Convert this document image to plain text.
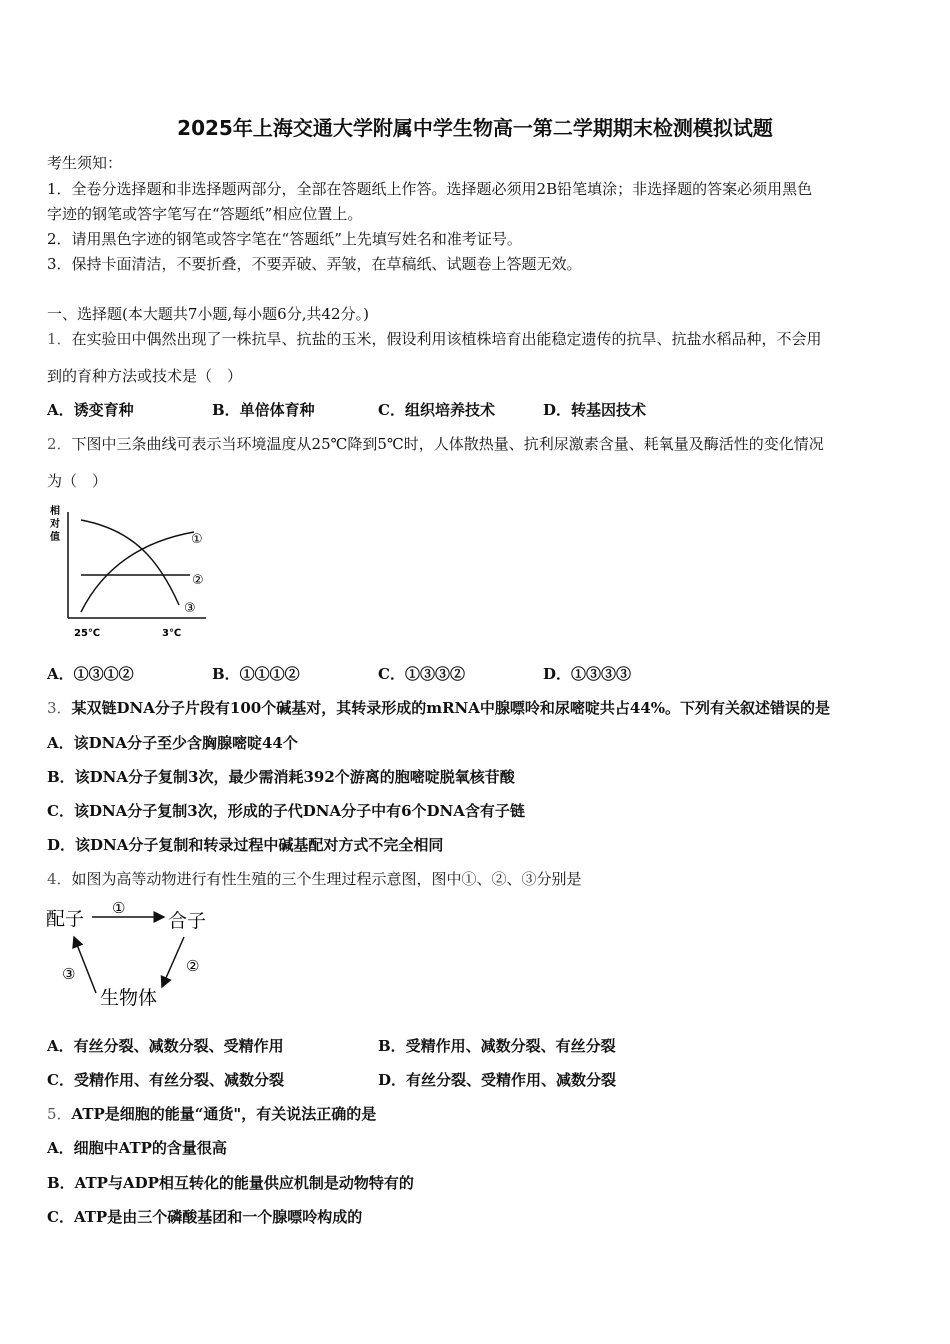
2025年上海交通大学附属中学生物高一第二学期期末检测模拟试题
考生须知：
1．全卷分选择题和非选择题两部分，全部在答题纸上作答。选择题必须用2B铅笔填涂；非选择题的答案必须用黑色
字迹的钢笔或答字笔写在“答题纸”相应位置上。
2．请用黑色字迹的钢笔或答字笔在“答题纸”上先填写姓名和准考证号。
3．保持卡面清洁，不要折叠，不要弄破、弄皱，在草稿纸、试题卷上答题无效。
一、选择题(本大题共7小题,每小题6分,共42分。)
1．在实验田中偶然出现了一株抗旱、抗盐的玉米，假设利用该植株培育出能稳定遗传的抗旱、抗盐水稻品种，不会用
到的育种方法或技术是（　）
A．诱变育种	B．单倍体育种	C．组织培养技术	D．转基因技术
2．下图中三条曲线可表示当环境温度从25℃降到5℃时，人体散热量、抗利尿激素含量、耗氧量及酶活性的变化情况
为（　）
相
对
值	①
②
③
25℃	3℃
A．①③①②	B．①①①②	C．①③③②	D．①③③③
3．某双链DNA分子片段有100个碱基对，其转录形成的mRNA中腺嘌呤和尿嘧啶共占44%。下列有关叙述错误的是
A．该DNA分子至少含胸腺嘧啶44个
B．该DNA分子复制3次，最少需消耗392个游离的胞嘧啶脱氧核苷酸
C．该DNA分子复制3次，形成的子代DNA分子中有6个DNA含有子链
D．该DNA分子复制和转录过程中碱基配对方式不完全相同
4．如图为高等动物进行有性生殖的三个生理过程示意图，图中①、②、③分别是
配子	合子
生物体
①
②
③
A．有丝分裂、减数分裂、受精作用	B．受精作用、减数分裂、有丝分裂
C．受精作用、有丝分裂、减数分裂	D．有丝分裂、受精作用、减数分裂
5．ATP是细胞的能量“通货"，有关说法正确的是
A．细胞中ATP的含量很高
B．ATP与ADP相互转化的能量供应机制是动物特有的
C．ATP是由三个磷酸基团和一个腺嘌呤构成的
